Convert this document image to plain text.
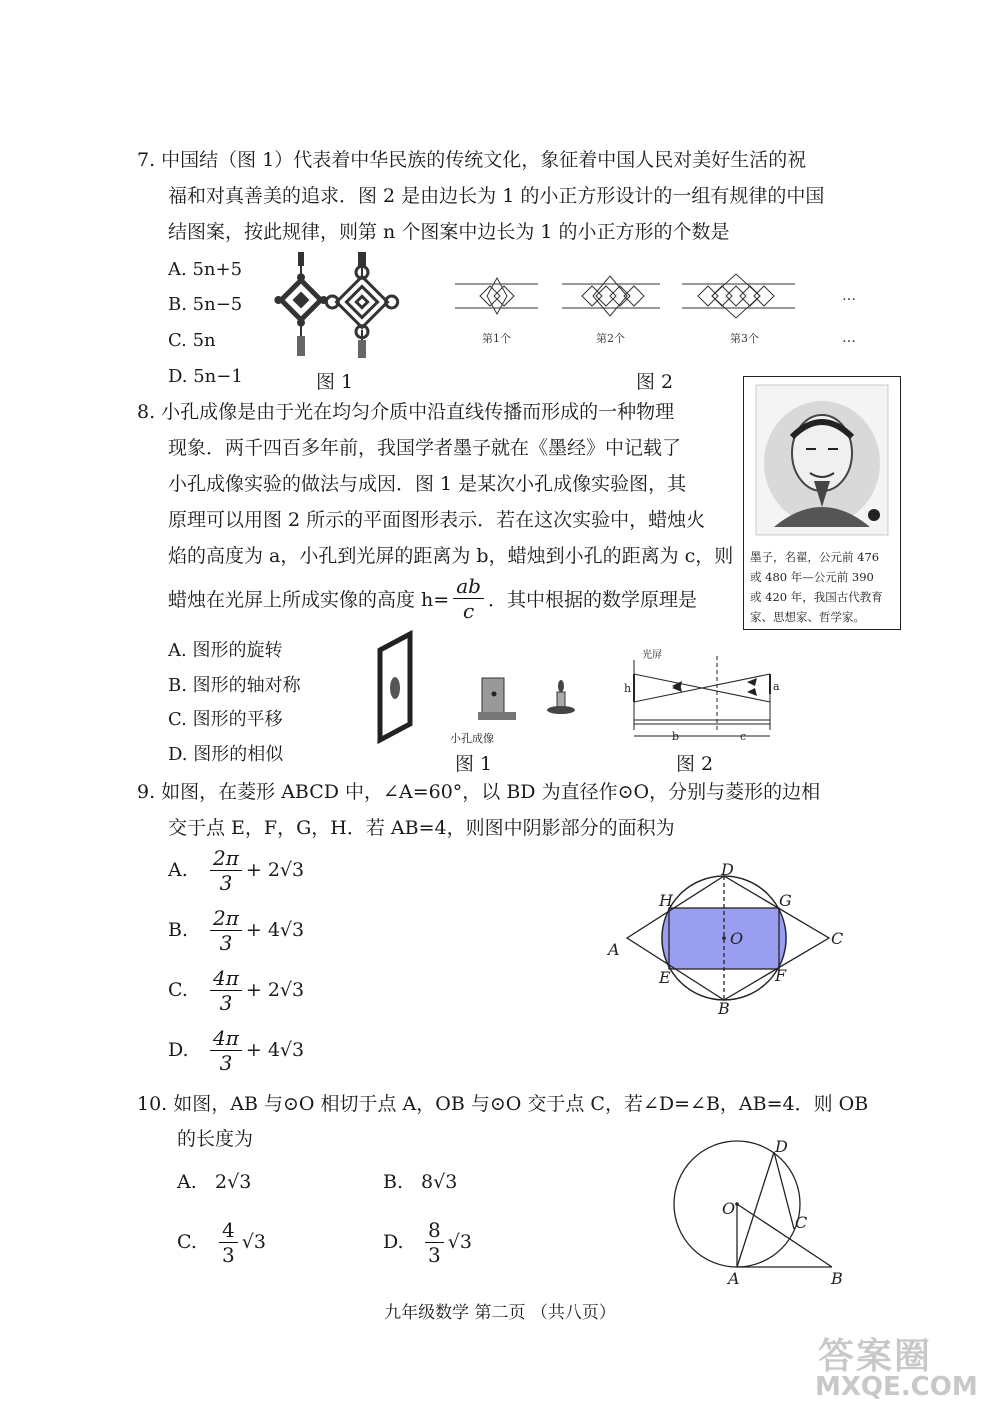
7. 中国结（图 1）代表着中华民族的传统文化，象征着中国人民对美好生活的祝
福和对真善美的追求．图 2 是由边长为 1 的小正方形设计的一组有规律的中国
结图案，按此规律，则第 n 个图案中边长为 1 的小正方形的个数是
A. 5n+5
B. 5n−5
C. 5n
D. 5n−1	图 1
…
…
第1个	第2个	第3个
图 2
8. 小孔成像是由于光在均匀介质中沿直线传播而形成的一种物理
现象．两千四百多年前，我国学者墨子就在《墨经》中记载了
小孔成像实验的做法与成因．图 1 是某次小孔成像实验图，其
原理可以用图 2 所示的平面图形表示．若在这次实验中，蜡烛火
焰的高度为 a，小孔到光屏的距离为 b，蜡烛到小孔的距离为 c，则
蜡烛在光屏上所成实像的高度 $h= \frac{ab}{c}$ ．其中根据的数学原理是
A. 图形的旋转
B. 图形的轴对称
C. 图形的平移
D. 图形的相似
墨子，名翟，公元前 476
或 480 年—公元前 390
或 420 年，我国古代教育
家、思想家、哲学家。
小孔成像
图 1
光屏
h	a
b	c
图 2
9. 如图，在菱形 ABCD 中，∠A=60°，以 BD 为直径作⊙O，分别与菱形的边相
交于点 E，F，G，H．若 AB=4，则图中阴影部分的面积为
A.	$\frac{2\pi}{3} + 2√3$
B.	$\frac{2\pi}{3} + 4√3$
C.	$\frac{4\pi}{3} + 2√3$
D.	$\frac{4\pi}{3} + 4√3$
A
B
C
D
E	F
G
H
O
10. 如图，AB 与⊙O 相切于点 A，OB 与⊙O 交于点 C，若∠D=∠B，AB=4．则 OB
的长度为
A. 2√3	B. 8√3
C.	$\frac{4}{3} √3$	D.	$\frac{8}{3} √3$
O
A	B
C
D
九年级数学 第二页 （共八页）
答案圈
MXQE.COM
